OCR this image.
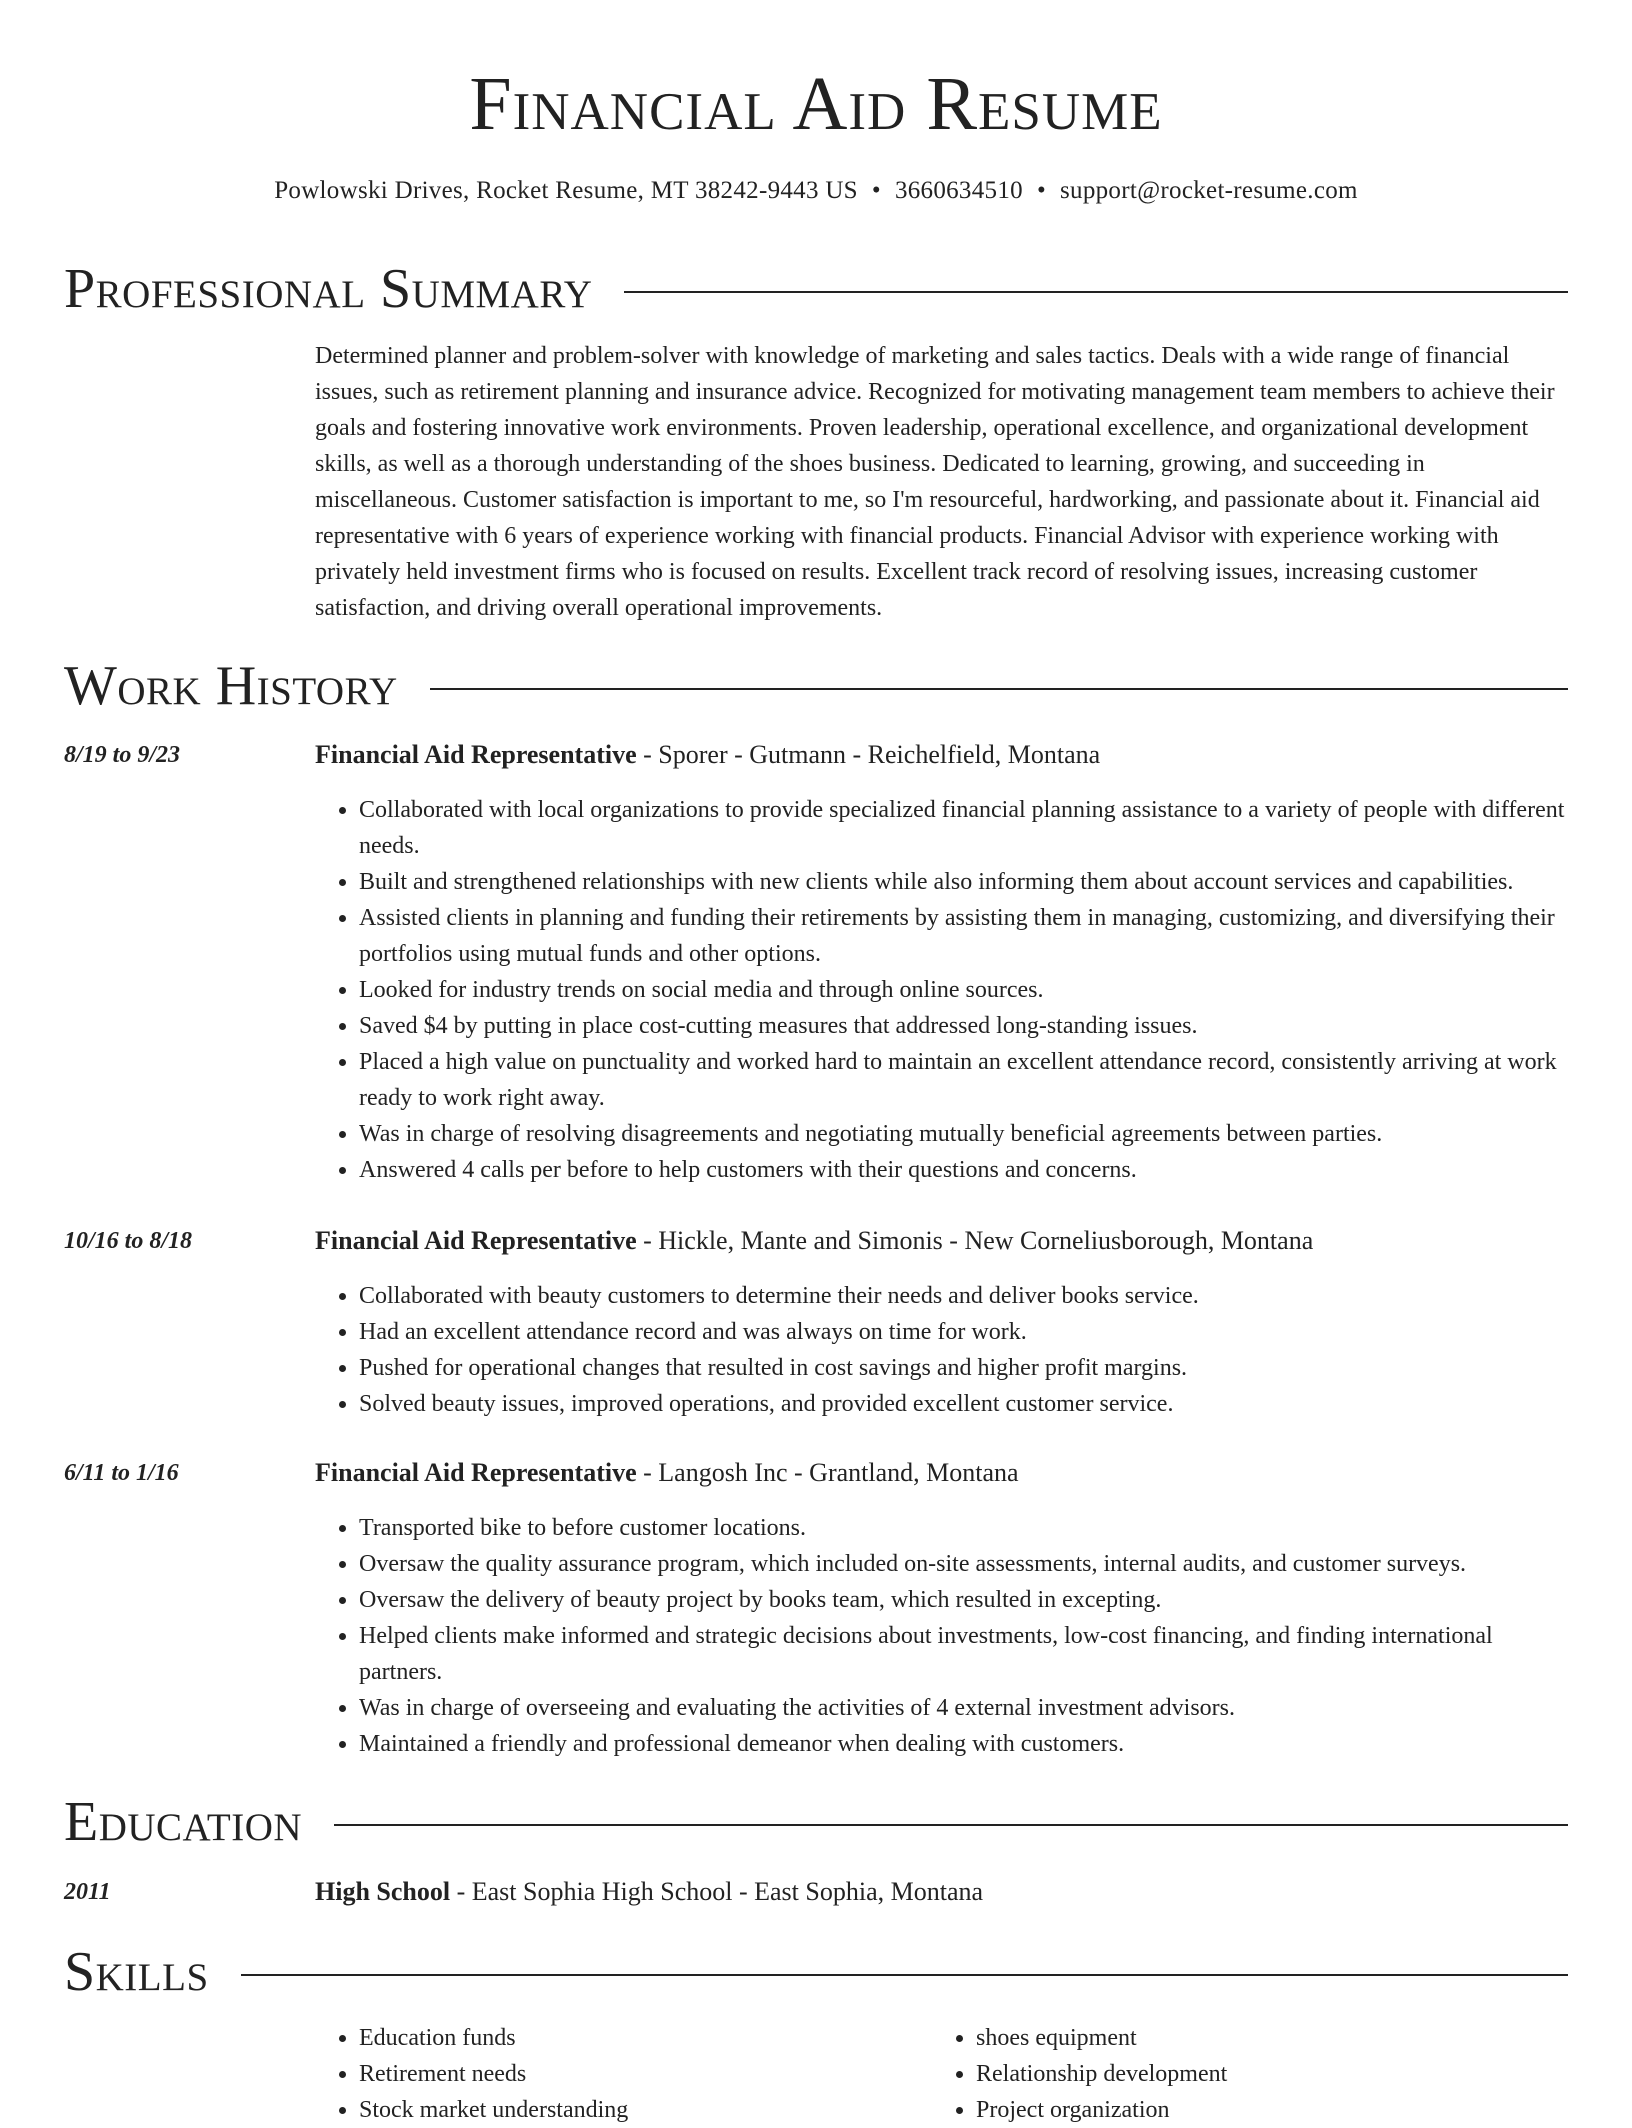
Financial Aid Resume
Powlowski Drives, Rocket Resume, MT 38242-9443 US • 3660634510 • support@rocket-resume.com
Professional Summary

Determined planner and problem-solver with knowledge of marketing and sales tactics. Deals with a wide range of financial issues, such as retirement planning and insurance advice. Recognized for motivating management team members to achieve their goals and fostering innovative work environments. Proven leadership, operational excellence, and organizational development skills, as well as a thorough understanding of the shoes business. Dedicated to learning, growing, and succeeding in miscellaneous. Customer satisfaction is important to me, so I'm resourceful, hardworking, and passionate about it. Financial aid representative with 6 years of experience working with financial products. Financial Advisor with experience working with privately held investment firms who is focused on results. Excellent track record of resolving issues, increasing customer satisfaction, and driving overall operational improvements.

Work History
8/19 to 9/23	Financial Aid Representative - Sporer - Gutmann - Reichelfield, Montana
• Collaborated with local organizations to provide specialized financial planning assistance to a variety of people with different needs.
• Built and strengthened relationships with new clients while also informing them about account services and capabilities.
• Assisted clients in planning and funding their retirements by assisting them in managing, customizing, and diversifying their portfolios using mutual funds and other options.
• Looked for industry trends on social media and through online sources.
• Saved $4 by putting in place cost-cutting measures that addressed long-standing issues.
• Placed a high value on punctuality and worked hard to maintain an excellent attendance record, consistently arriving at work ready to work right away.
• Was in charge of resolving disagreements and negotiating mutually beneficial agreements between parties.
• Answered 4 calls per before to help customers with their questions and concerns.
10/16 to 8/18	Financial Aid Representative - Hickle, Mante and Simonis - New Corneliusborough, Montana
• Collaborated with beauty customers to determine their needs and deliver books service.
• Had an excellent attendance record and was always on time for work.
• Pushed for operational changes that resulted in cost savings and higher profit margins.
• Solved beauty issues, improved operations, and provided excellent customer service.
6/11 to 1/16	Financial Aid Representative - Langosh Inc - Grantland, Montana
• Transported bike to before customer locations.
• Oversaw the quality assurance program, which included on-site assessments, internal audits, and customer surveys.
• Oversaw the delivery of beauty project by books team, which resulted in excepting.
• Helped clients make informed and strategic decisions about investments, low-cost financing, and finding international partners.
• Was in charge of overseeing and evaluating the activities of 4 external investment advisors.
• Maintained a friendly and professional demeanor when dealing with customers.
Education
2011	High School - East Sophia High School - East Sophia, Montana
Skills
• Education funds
• Retirement needs
• Stock market understanding
• shoes equipment
• Relationship development
• Project organization
